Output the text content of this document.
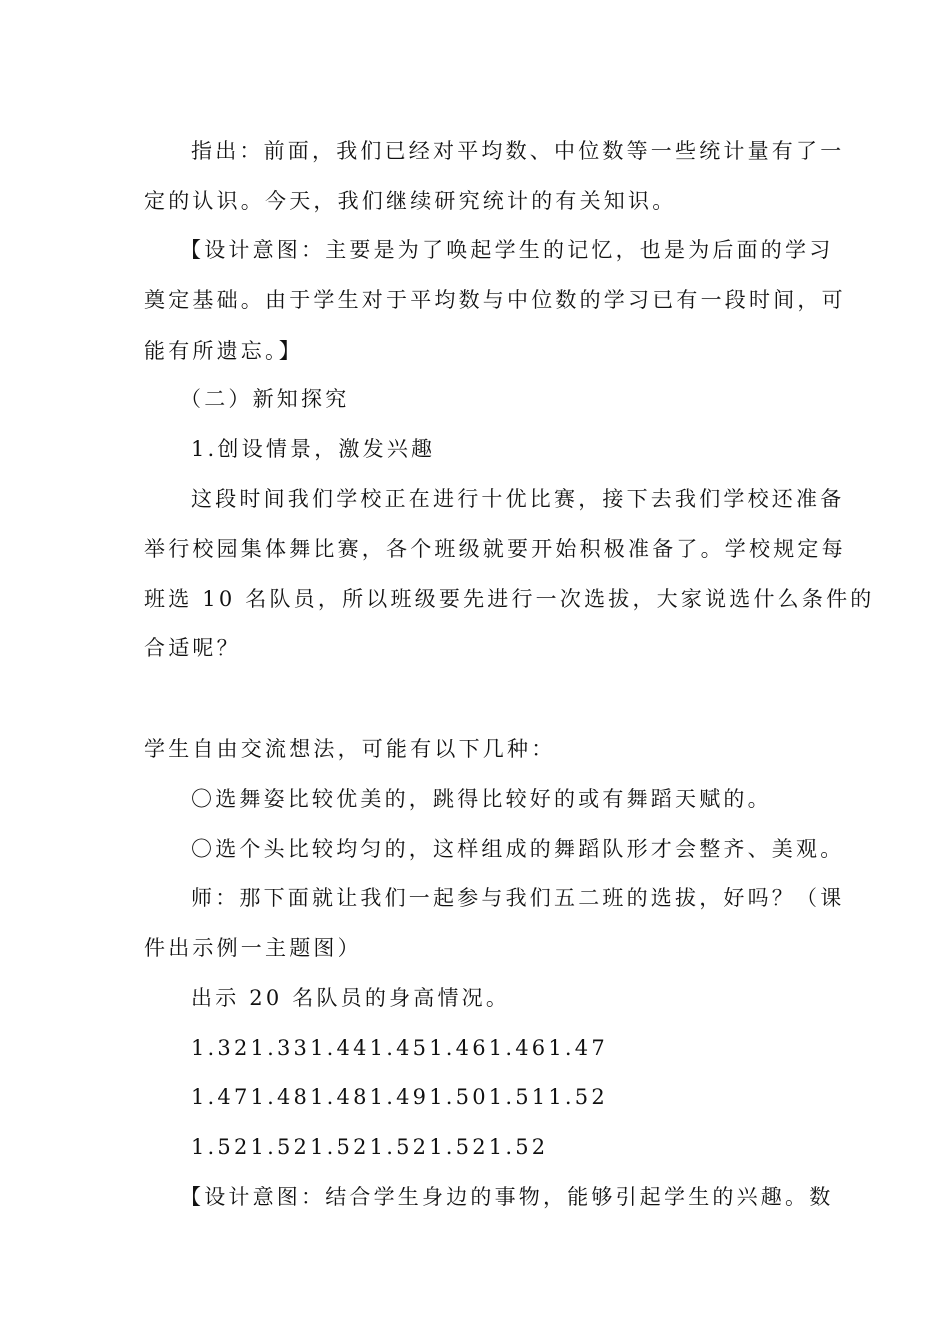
指出：前面，我们已经对平均数、中位数等一些统计量有了一
定的认识。今天，我们继续研究统计的有关知识。
【设计意图：主要是为了唤起学生的记忆，也是为后面的学习
奠定基础。由于学生对于平均数与中位数的学习已有一段时间，可
能有所遗忘。】
（二）新知探究
1.创设情景，激发兴趣
这段时间我们学校正在进行十优比赛，接下去我们学校还准备
举行校园集体舞比赛，各个班级就要开始积极准备了。学校规定每
班选 10 名队员，所以班级要先进行一次选拔，大家说选什么条件的
合适呢？
学生自由交流想法，可能有以下几种：
〇选舞姿比较优美的，跳得比较好的或有舞蹈天赋的。
〇选个头比较均匀的，这样组成的舞蹈队形才会整齐、美观。
师：那下面就让我们一起参与我们五二班的选拔，好吗？（课
件出示例一主题图）
出示 20 名队员的身高情况。
1.321.331.441.451.461.461.47
1.471.481.481.491.501.511.52
1.521.521.521.521.521.52
【设计意图：结合学生身边的事物，能够引起学生的兴趣。数
